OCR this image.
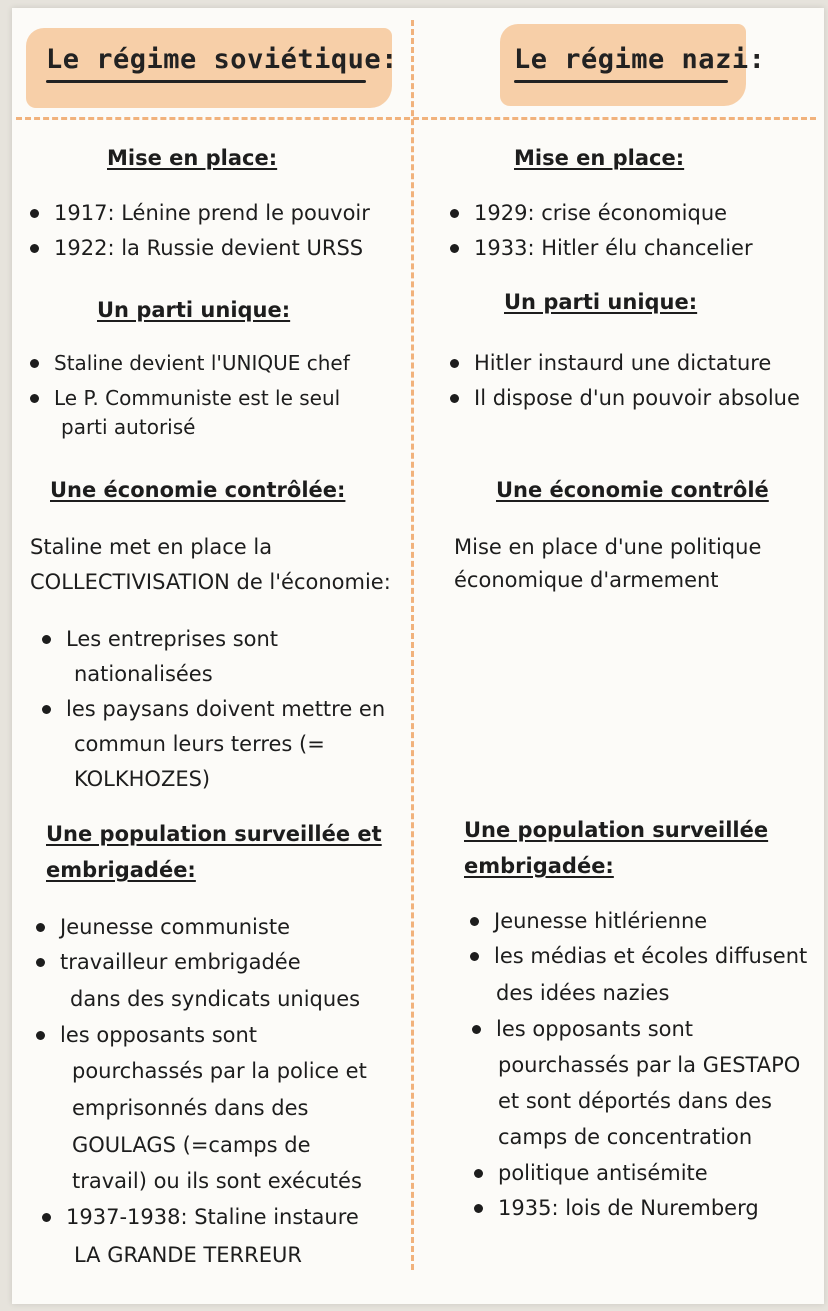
Le régime soviétique:	Le régime nazi:
Mise en place:
1917: Lénine prend le pouvoir
1922: la Russie devient URSS
Un parti unique:
Staline devient l'UNIQUE chef
Le P. Communiste est le seul
parti autorisé
Une économie contrôlée:
Staline met en place la
COLLECTIVISATION de l'économie:
Les entreprises sont
nationalisées
les paysans doivent mettre en
commun leurs terres (=
KOLKHOZES)
Une population surveillée et
embrigadée:
Jeunesse communiste
travailleur embrigadée
dans des syndicats uniques
les opposants sont
pourchassés par la police et
emprisonnés dans des
GOULAGS (=camps de
travail) ou ils sont exécutés
1937-1938: Staline instaure
LA GRANDE TERREUR
Mise en place:
1929: crise économique
1933: Hitler élu chancelier
Un parti unique:
Hitler instaurd une dictature
Il dispose d'un pouvoir absolue
Une économie contrôlé
Mise en place d'une politique
économique d'armement
Une population surveillée
embrigadée:
Jeunesse hitlérienne
les médias et écoles diffusent
des idées nazies
les opposants sont
pourchassés par la GESTAPO
et sont déportés dans des
camps de concentration
politique antisémite
1935: lois de Nuremberg
